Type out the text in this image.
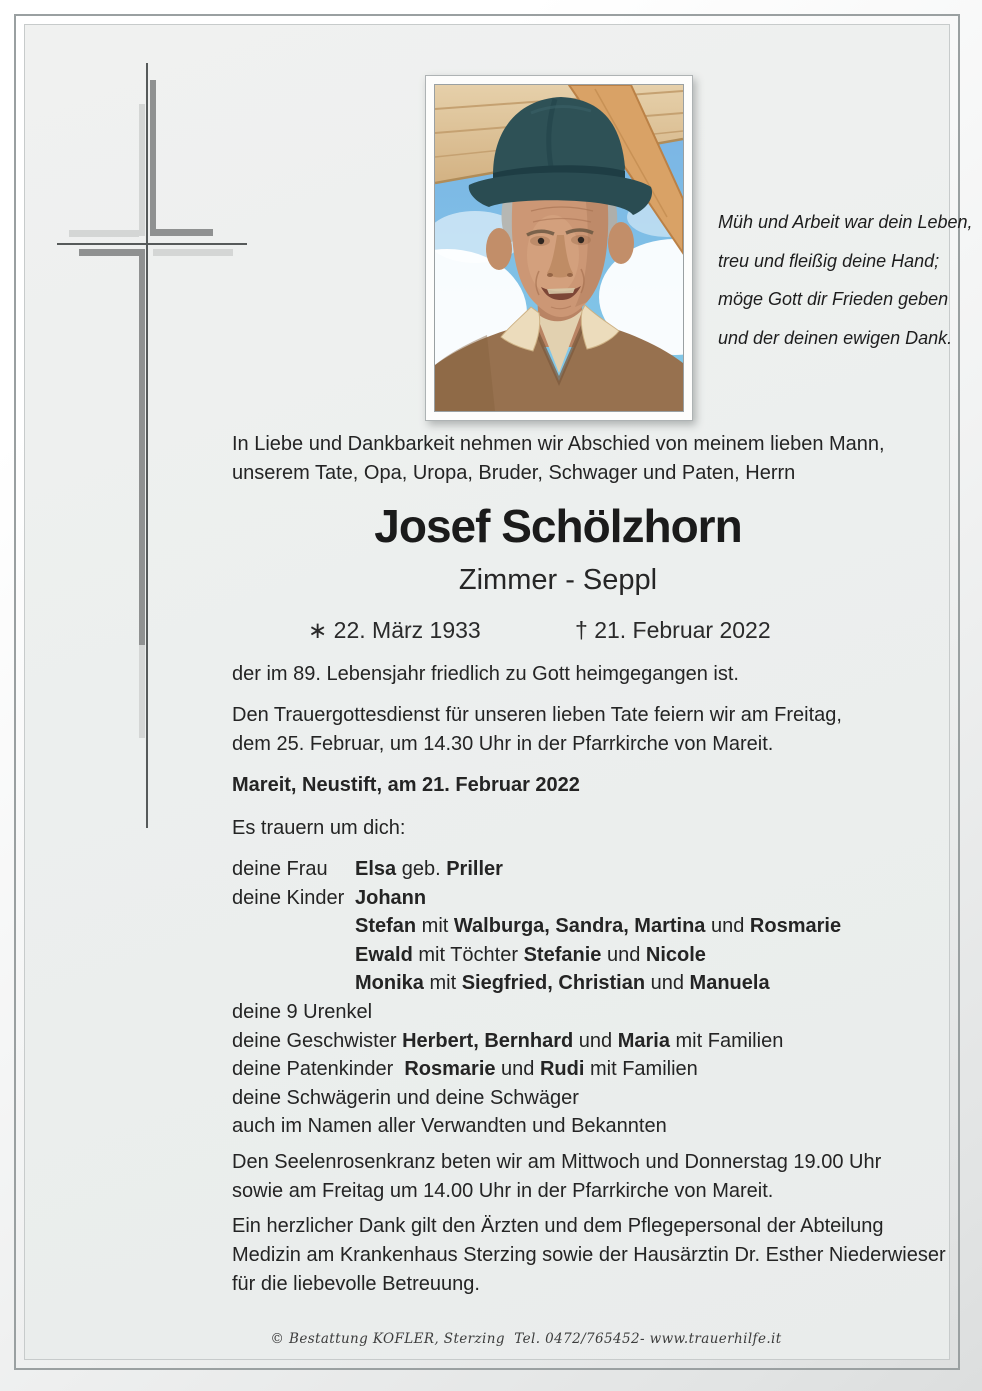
Müh und Arbeit war dein Leben,
treu und fleißig deine Hand;
möge Gott dir Frieden geben
und der deinen ewigen Dank.
In Liebe und Dankbarkeit nehmen wir Abschied von meinem lieben Mann,
unserem Tate, Opa, Uropa, Bruder, Schwager und Paten, Herrn
Josef Schölzhorn
Zimmer - Seppl
∗ 22. März 1933	† 21. Februar 2022
der im 89. Lebensjahr friedlich zu Gott heimgegangen ist.
Den Trauergottesdienst für unseren lieben Tate feiern wir am Freitag,
dem 25. Februar, um 14.30 Uhr in der Pfarrkirche von Mareit.
Mareit, Neustift, am 21. Februar 2022
Es trauern um dich:
deine Frau	Elsa geb. Priller
deine Kinder Johann
Stefan mit Walburga, Sandra, Martina und Rosmarie
Ewald mit Töchter Stefanie und Nicole
Monika mit Siegfried, Christian und Manuela
deine 9 Urenkel
deine Geschwister Herbert, Bernhard und Maria mit Familien
deine Patenkinder Rosmarie und Rudi mit Familien
deine Schwägerin und deine Schwäger
auch im Namen aller Verwandten und Bekannten
Den Seelenrosenkranz beten wir am Mittwoch und Donnerstag 19.00 Uhr
sowie am Freitag um 14.00 Uhr in der Pfarrkirche von Mareit.
Ein herzlicher Dank gilt den Ärzten und dem Pflegepersonal der Abteilung
Medizin am Krankenhaus Sterzing sowie der Hausärztin Dr. Esther Niederwieser
für die liebevolle Betreuung.
© Bestattung KOFLER, Sterzing  Tel. 0472/765452- www.trauerhilfe.it
